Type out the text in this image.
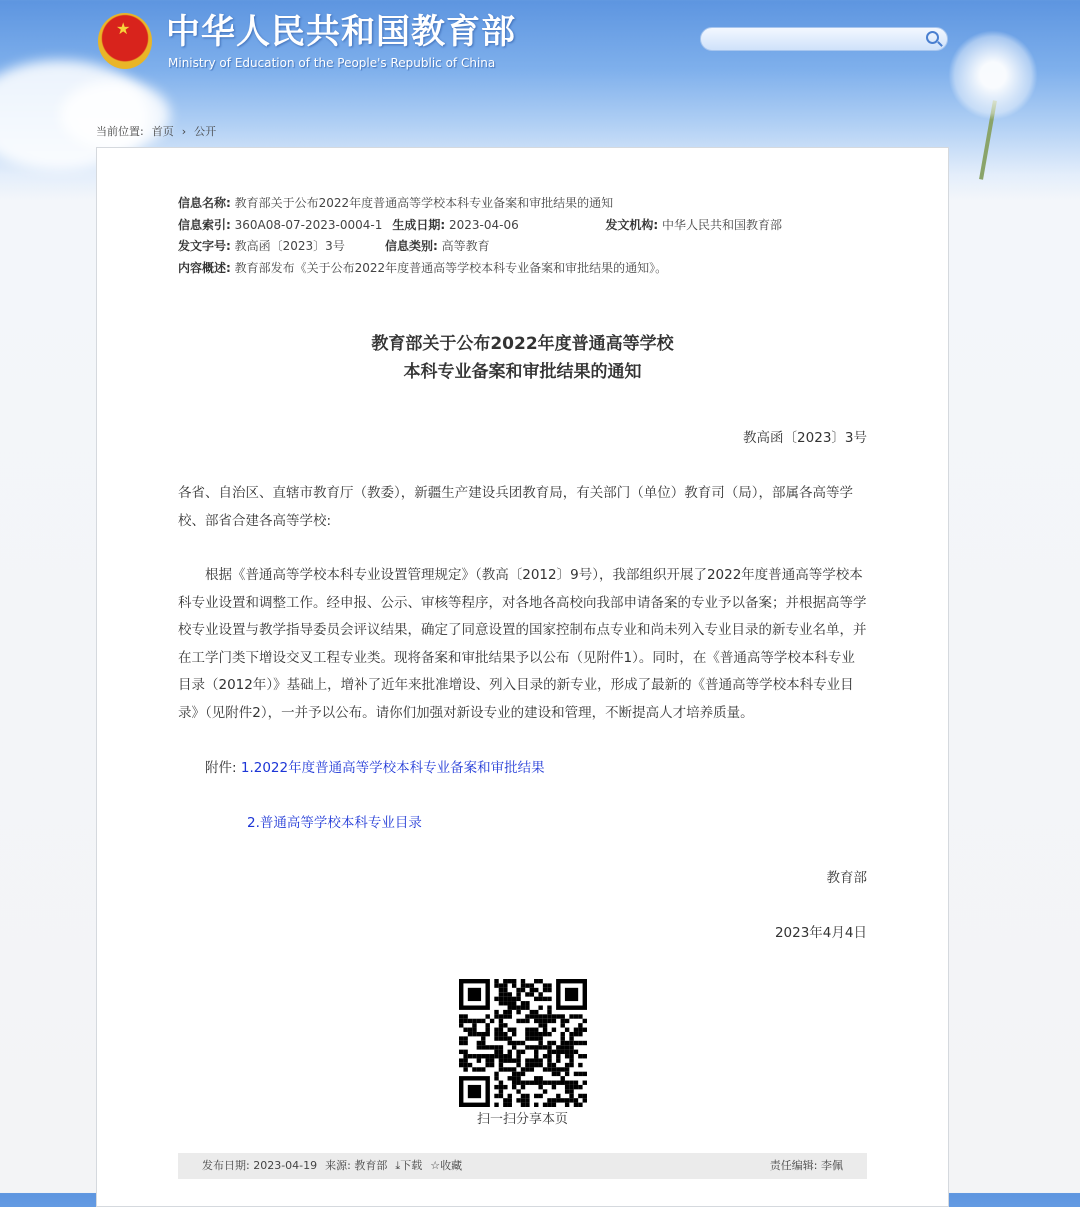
★ 中华人民共和国教育部
Ministry of Education of the People's Republic of China
当前位置: 首页 › 公开
信息名称: 教育部关于公布2022年度普通高等学校本科专业备案和审批结果的通知
信息索引: 360A08-07-2023-0004-1 生成日期: 2023-04-06	发文机构: 中华人民共和国教育部
发文字号: 教高函〔2023〕3号	信息类别: 高等教育
内容概述: 教育部发布《关于公布2022年度普通高等学校本科专业备案和审批结果的通知》。
教育部关于公布2022年度普通高等学校
本科专业备案和审批结果的通知
教高函〔2023〕3号
各省、自治区、直辖市教育厅（教委），新疆生产建设兵团教育局，有关部门（单位）教育司（局），部属各高等学校、部省合建各高等学校:
根据《普通高等学校本科专业设置管理规定》（教高〔2012〕9号），我部组织开展了2022年度普通高等学校本科专业设置和调整工作。经申报、公示、审核等程序，对各地各高校向我部申请备案的专业予以备案；并根据高等学校专业设置与教学指导委员会评议结果，确定了同意设置的国家控制布点专业和尚未列入专业目录的新专业名单，并在工学门类下增设交叉工程专业类。现将备案和审批结果予以公布（见附件1）。同时，在《普通高等学校本科专业目录（2012年）》基础上，增补了近年来批准增设、列入目录的新专业，形成了最新的《普通高等学校本科专业目录》（见附件2），一并予以公布。请你们加强对新设专业的建设和管理，不断提高人才培养质量。
附件: 1.2022年度普通高等学校本科专业备案和审批结果
2.普通高等学校本科专业目录
教育部
2023年4月4日
扫一扫分享本页
发布日期: 2023-04-19 来源: 教育部 ⤓下载 ☆收藏	责任编辑: 李佩
